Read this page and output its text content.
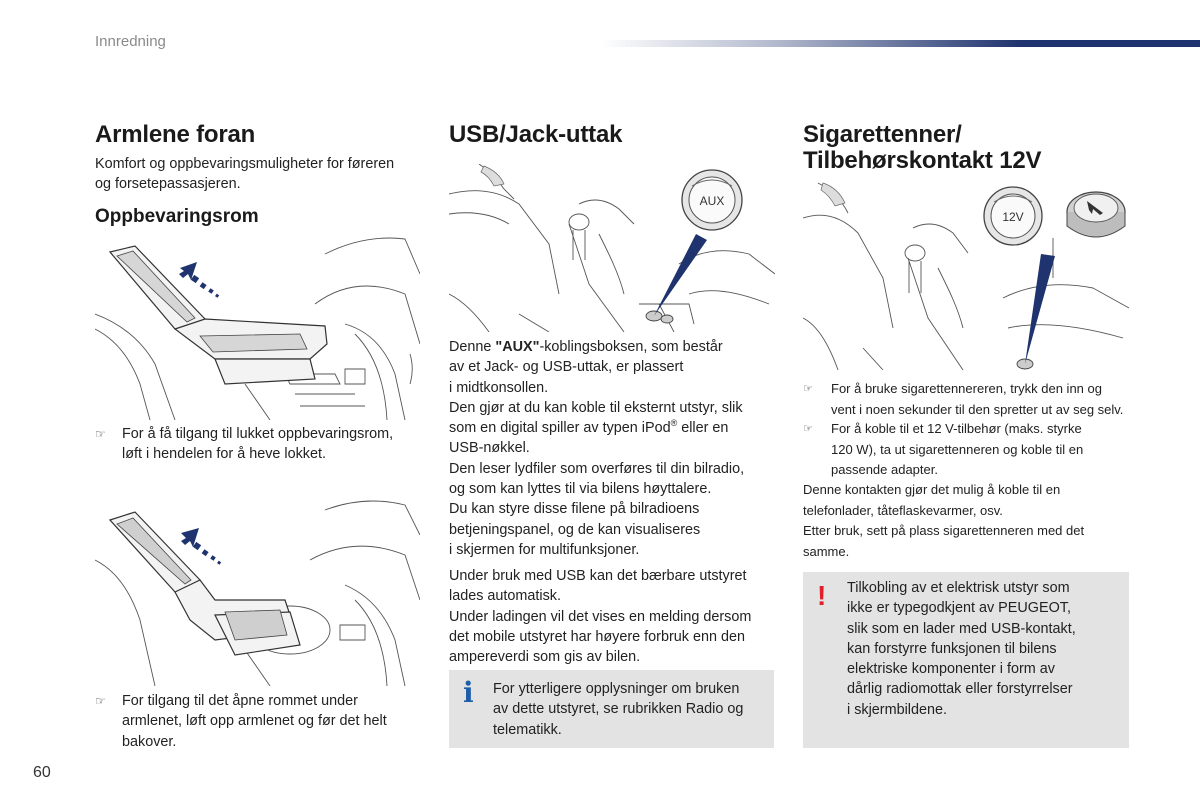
Innredning
Armlene foran
Komfort og oppbevaringsmuligheter for føreren
og forsetepassasjeren.
Oppbevaringsrom
☞ For å få tilgang til lukket oppbevaringsrom,
løft i hendelen for å heve lokket.
☞ For tilgang til det åpne rommet under
armlenet, løft opp armlenet og før det helt
bakover.
USB/Jack-uttak
AUX
Denne "AUX"-koblingsboksen, som består
av et Jack- og USB-uttak, er plassert
i midtkonsollen.
Den gjør at du kan koble til eksternt utstyr, slik
som en digital spiller av typen iPod® eller en
USB-nøkkel.
Den leser lydfiler som overføres til din bilradio,
og som kan lyttes til via bilens høyttalere.
Du kan styre disse filene på bilradioens
betjeningspanel, og de kan visualiseres
i skjermen for multifunksjoner.
Under bruk med USB kan det bærbare utstyret
lades automatisk.
Under ladingen vil det vises en melding dersom
det mobile utstyret har høyere forbruk enn den
ampereverdi som gis av bilen.
i For ytterligere opplysninger om bruken
av dette utstyret, se rubrikken Radio og
telematikk.
Sigarettenner/
Tilbehørskontakt 12V
12V
☞ For å bruke sigarettennereren, trykk den inn og
vent i noen sekunder til den spretter ut av seg selv.
☞ For å koble til et 12 V-tilbehør (maks. styrke
120 W), ta ut sigarettenneren og koble til en
passende adapter.
Denne kontakten gjør det mulig å koble til en
telefonlader, tåteflaskevarmer, osv.
Etter bruk, sett på plass sigarettenneren med det
samme.
! Tilkobling av et elektrisk utstyr som
ikke er typegodkjent av PEUGEOT,
slik som en lader med USB-kontakt,
kan forstyrre funksjonen til bilens
elektriske komponenter i form av
dårlig radiomottak eller forstyrrelser
i skjermbildene.
60
